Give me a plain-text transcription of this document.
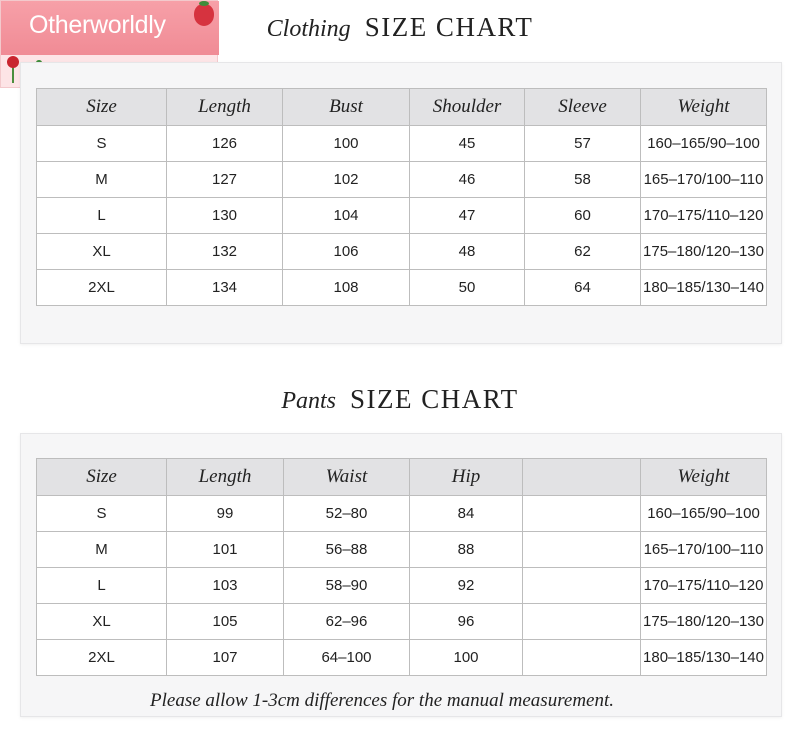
Otherworldly	Clothing SIZE CHART
Size	Length	Bust	Shoulder	Sleeve	Weight
S	126	100	45	57	160–165/90–100
M	127	102	46	58	165–170/100–110
L	130	104	47	60	170–175/110–120
XL	132	106	48	62	175–180/120–130
2XL	134	108	50	64	180–185/130–140
Pants SIZE CHART
Size	Length	Waist	Hip		Weight
S	99	52–80	84		160–165/90–100
M	101	56–88	88		165–170/100–110
L	103	58–90	92		170–175/110–120
XL	105	62–96	96		175–180/120–130
2XL	107	64–100	100		180–185/130–140
Please allow 1-3cm differences for the manual measurement.
